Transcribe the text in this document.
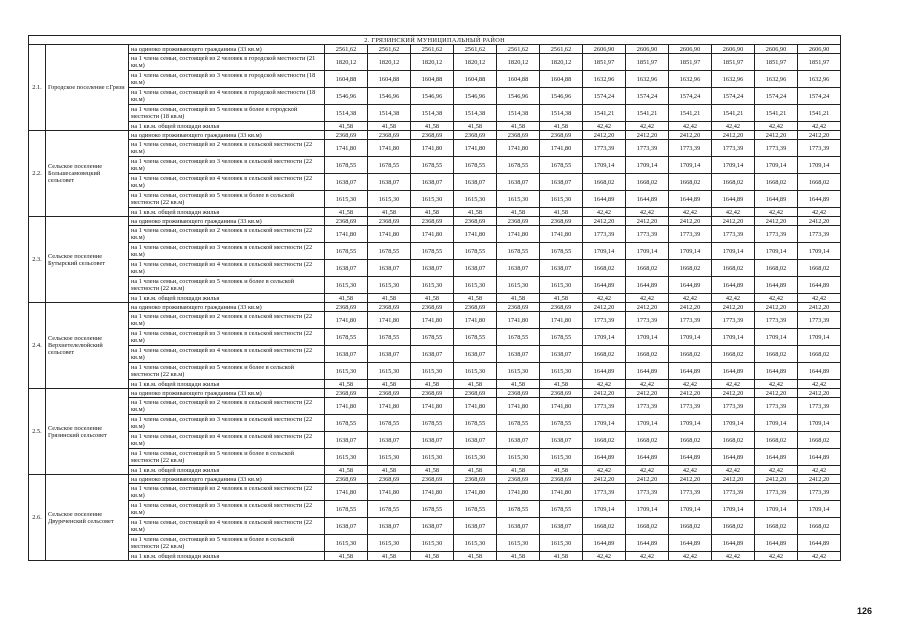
2. ГРЯЗИНСКИЙ МУНИЦИПАЛЬНЫЙ РАЙОН														
2.1.	Городское поселение г.Грязи	на одиноко проживающего гражданина (33 кв.м)	2561,62	2561,62	2561,62	2561,62	2561,62	2561,62	2606,90	2606,90	2606,90	2606,90	2606,90	2606,90
		на 1 члена семьи, состоящей из 2 человек в городской местности (21 кв.м)	1820,12	1820,12	1820,12	1820,12	1820,12	1820,12	1851,97	1851,97	1851,97	1851,97	1851,97	1851,97
		на 1 члена семьи, состоящей из 3 человек в городской местности (18 кв.м)	1604,88	1604,88	1604,88	1604,88	1604,88	1604,88	1632,96	1632,96	1632,96	1632,96	1632,96	1632,96
		на 1 члена семьи, состоящей из 4 человек в городской местности (18 кв.м)	1546,96	1546,96	1546,96	1546,96	1546,96	1546,96	1574,24	1574,24	1574,24	1574,24	1574,24	1574,24
		на 1 члена семьи, состоящей из 5 человек и более в городской местности (18 кв.м)	1514,38	1514,38	1514,38	1514,38	1514,38	1514,38	1541,21	1541,21	1541,21	1541,21	1541,21	1541,21
		на 1 кв.м. общей площади жилья	41,58	41,58	41,58	41,58	41,58	41,58	42,42	42,42	42,42	42,42	42,42	42,42
2.2.	Сельское поселение Большесамовецкий сельсовет	на одиноко проживающего гражданина (33 кв.м)	2368,69	2368,69	2368,69	2368,69	2368,69	2368,69	2412,20	2412,20	2412,20	2412,20	2412,20	2412,20
		на 1 члена семьи, состоящей из 2 человек в сельской местности (22 кв.м)	1741,80	1741,80	1741,80	1741,80	1741,80	1741,80	1773,39	1773,39	1773,39	1773,39	1773,39	1773,39
		на 1 члена семьи, состоящей из 3 человек в сельской местности (22 кв.м)	1678,55	1678,55	1678,55	1678,55	1678,55	1678,55	1709,14	1709,14	1709,14	1709,14	1709,14	1709,14
		на 1 члена семьи, состоящей из 4 человек в сельской местности (22 кв.м)	1638,07	1638,07	1638,07	1638,07	1638,07	1638,07	1668,02	1668,02	1668,02	1668,02	1668,02	1668,02
		на 1 члена семьи, состоящей из 5 человек и более в сельской местности (22 кв.м)	1615,30	1615,30	1615,30	1615,30	1615,30	1615,30	1644,89	1644,89	1644,89	1644,89	1644,89	1644,89
		на 1 кв.м. общей площади жилья	41,58	41,58	41,58	41,58	41,58	41,58	42,42	42,42	42,42	42,42	42,42	42,42
2.3.	Сельское поселение Бутырский сельсовет	на одиноко проживающего гражданина (33 кв.м)	2368,69	2368,69	2368,69	2368,69	2368,69	2368,69	2412,20	2412,20	2412,20	2412,20	2412,20	2412,20
		на 1 члена семьи, состоящей из 2 человек в сельской местности (22 кв.м)	1741,80	1741,80	1741,80	1741,80	1741,80	1741,80	1773,39	1773,39	1773,39	1773,39	1773,39	1773,39
		на 1 члена семьи, состоящей из 3 человек в сельской местности (22 кв.м)	1678,55	1678,55	1678,55	1678,55	1678,55	1678,55	1709,14	1709,14	1709,14	1709,14	1709,14	1709,14
		на 1 члена семьи, состоящей из 4 человек в сельской местности (22 кв.м)	1638,07	1638,07	1638,07	1638,07	1638,07	1638,07	1668,02	1668,02	1668,02	1668,02	1668,02	1668,02
		на 1 члена семьи, состоящей из 5 человек и более в сельской местности (22 кв.м)	1615,30	1615,30	1615,30	1615,30	1615,30	1615,30	1644,89	1644,89	1644,89	1644,89	1644,89	1644,89
		на 1 кв.м. общей площади жилья	41,58	41,58	41,58	41,58	41,58	41,58	42,42	42,42	42,42	42,42	42,42	42,42
2.4.	Сельское поселение Верхнетелелюйский сельсовет	на одиноко проживающего гражданина (33 кв.м)	2368,69	2368,69	2368,69	2368,69	2368,69	2368,69	2412,20	2412,20	2412,20	2412,20	2412,20	2412,20
		на 1 члена семьи, состоящей из 2 человек в сельской местности (22 кв.м)	1741,80	1741,80	1741,80	1741,80	1741,80	1741,80	1773,39	1773,39	1773,39	1773,39	1773,39	1773,39
		на 1 члена семьи, состоящей из 3 человек в сельской местности (22 кв.м)	1678,55	1678,55	1678,55	1678,55	1678,55	1678,55	1709,14	1709,14	1709,14	1709,14	1709,14	1709,14
		на 1 члена семьи, состоящей из 4 человек в сельской местности (22 кв.м)	1638,07	1638,07	1638,07	1638,07	1638,07	1638,07	1668,02	1668,02	1668,02	1668,02	1668,02	1668,02
		на 1 члена семьи, состоящей из 5 человек и более в сельской местности (22 кв.м)	1615,30	1615,30	1615,30	1615,30	1615,30	1615,30	1644,89	1644,89	1644,89	1644,89	1644,89	1644,89
		на 1 кв.м. общей площади жилья	41,58	41,58	41,58	41,58	41,58	41,58	42,42	42,42	42,42	42,42	42,42	42,42
2.5.	Сельское поселение Грязинский сельсовет	на одиноко проживающего гражданина (33 кв.м)	2368,69	2368,69	2368,69	2368,69	2368,69	2368,69	2412,20	2412,20	2412,20	2412,20	2412,20	2412,20
		на 1 члена семьи, состоящей из 2 человек в сельской местности (22 кв.м)	1741,80	1741,80	1741,80	1741,80	1741,80	1741,80	1773,39	1773,39	1773,39	1773,39	1773,39	1773,39
		на 1 члена семьи, состоящей из 3 человек в сельской местности (22 кв.м)	1678,55	1678,55	1678,55	1678,55	1678,55	1678,55	1709,14	1709,14	1709,14	1709,14	1709,14	1709,14
		на 1 члена семьи, состоящей из 4 человек в сельской местности (22 кв.м)	1638,07	1638,07	1638,07	1638,07	1638,07	1638,07	1668,02	1668,02	1668,02	1668,02	1668,02	1668,02
		на 1 члена семьи, состоящей из 5 человек и более в сельской местности (22 кв.м)	1615,30	1615,30	1615,30	1615,30	1615,30	1615,30	1644,89	1644,89	1644,89	1644,89	1644,89	1644,89
		на 1 кв.м. общей площади жилья	41,58	41,58	41,58	41,58	41,58	41,58	42,42	42,42	42,42	42,42	42,42	42,42
2.6.	Сельское поселение Двуреченский сельсовет	на одиноко проживающего гражданина (33 кв.м)	2368,69	2368,69	2368,69	2368,69	2368,69	2368,69	2412,20	2412,20	2412,20	2412,20	2412,20	2412,20
		на 1 члена семьи, состоящей из 2 человек в сельской местности (22 кв.м)	1741,80	1741,80	1741,80	1741,80	1741,80	1741,80	1773,39	1773,39	1773,39	1773,39	1773,39	1773,39
		на 1 члена семьи, состоящей из 3 человек в сельской местности (22 кв.м)	1678,55	1678,55	1678,55	1678,55	1678,55	1678,55	1709,14	1709,14	1709,14	1709,14	1709,14	1709,14
		на 1 члена семьи, состоящей из 4 человек в сельской местности (22 кв.м)	1638,07	1638,07	1638,07	1638,07	1638,07	1638,07	1668,02	1668,02	1668,02	1668,02	1668,02	1668,02
		на 1 члена семьи, состоящей из 5 человек и более в сельской местности (22 кв.м)	1615,30	1615,30	1615,30	1615,30	1615,30	1615,30	1644,89	1644,89	1644,89	1644,89	1644,89	1644,89
		на 1 кв.м. общей площади жилья	41,58	41,58	41,58	41,58	41,58	41,58	42,42	42,42	42,42	42,42	42,42	42,42
126
